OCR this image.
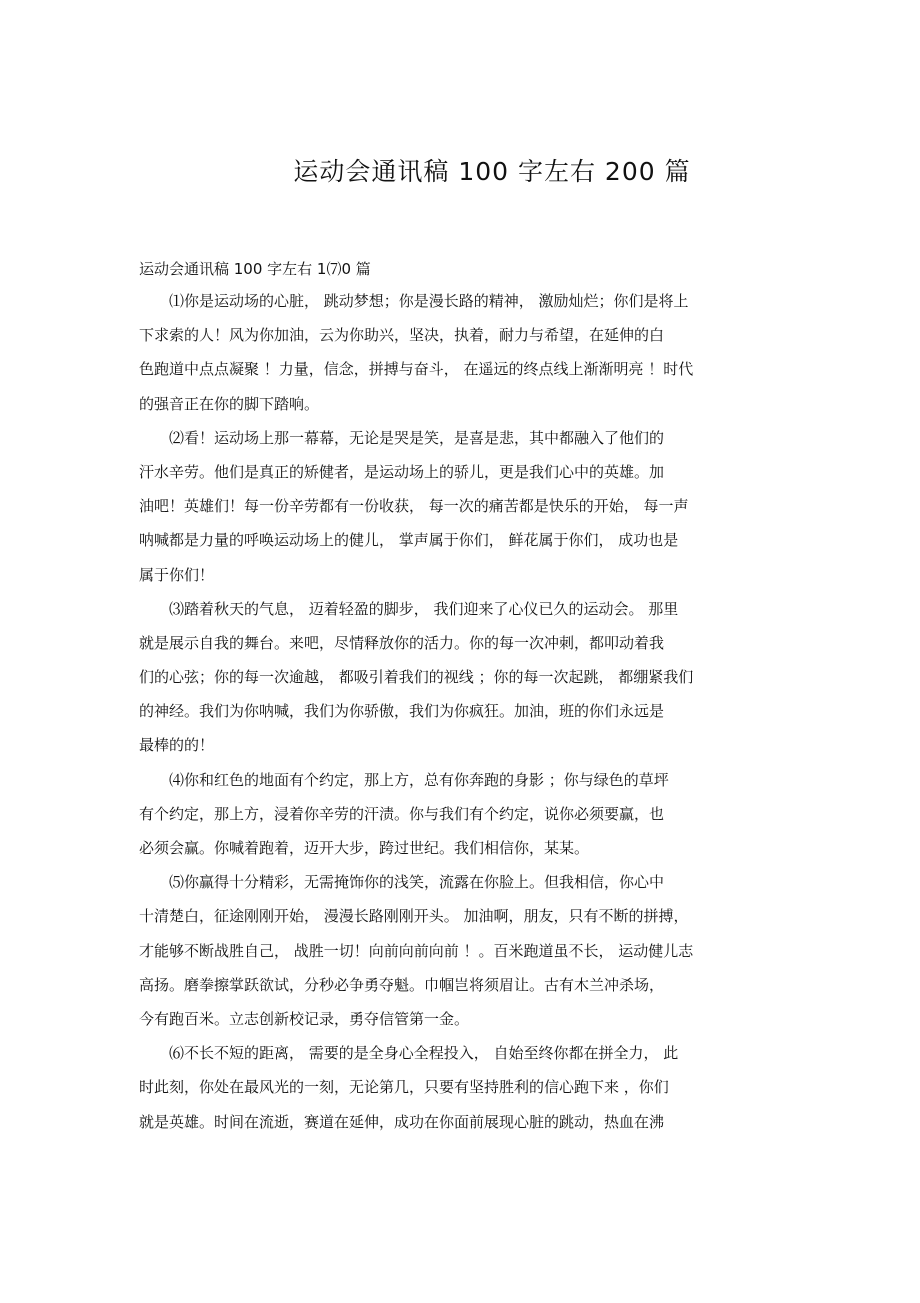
运动会通讯稿 100 字左右 200 篇
运动会通讯稿 100 字左右 1⑺0 篇
⑴你是运动场的心脏， 跳动梦想；你是漫长路的精神， 激励灿烂；你们是将上
下求索的人！风为你加油，云为你助兴，坚决，执着，耐力与希望，在延伸的白
色跑道中点点凝聚 ！力量，信念，拼搏与奋斗， 在遥远的终点线上渐渐明亮 ！时代
的强音正在你的脚下踏响。
⑵看！运动场上那一幕幕，无论是哭是笑，是喜是悲，其中都融入了他们的
汗水辛劳。他们是真正的矫健者，是运动场上的骄儿，更是我们心中的英雄。加
油吧！英雄们！每一份辛劳都有一份收获， 每一次的痛苦都是快乐的开始， 每一声
呐喊都是力量的呼唤运动场上的健儿， 掌声属于你们， 鲜花属于你们， 成功也是
属于你们！
⑶踏着秋天的气息， 迈着轻盈的脚步， 我们迎来了心仪已久的运动会。 那里
就是展示自我的舞台。来吧，尽情释放你的活力。你的每一次冲刺，都叩动着我
们的心弦；你的每一次逾越， 都吸引着我们的视线 ；你的每一次起跳， 都绷紧我们
的神经。我们为你呐喊，我们为你骄傲，我们为你疯狂。加油，班的你们永远是
最棒的的！
⑷你和红色的地面有个约定，那上方，总有你奔跑的身影 ；你与绿色的草坪
有个约定，那上方，浸着你辛劳的汗渍。你与我们有个约定，说你必须要赢，也
必须会赢。你喊着跑着，迈开大步，跨过世纪。我们相信你，某某。
⑸你赢得十分精彩，无需掩饰你的浅笑，流露在你脸上。但我相信，你心中
十清楚白，征途刚刚开始， 漫漫长路刚刚开头。 加油啊，朋友，只有不断的拼搏，
才能够不断战胜自己， 战胜一切！向前向前向前 ！。百米跑道虽不长， 运动健儿志
高扬。磨拳擦掌跃欲试，分秒必争勇夺魁。巾帼岂将须眉让。古有木兰冲杀场，
今有跑百米。立志创新校记录，勇夺信管第一金。
⑹不长不短的距离， 需要的是全身心全程投入， 自始至终你都在拼全力， 此
时此刻，你处在最风光的一刻，无论第几，只要有坚持胜利的信心跑下来 ，你们
就是英雄。时间在流逝，赛道在延伸，成功在你面前展现心脏的跳动，热血在沸
